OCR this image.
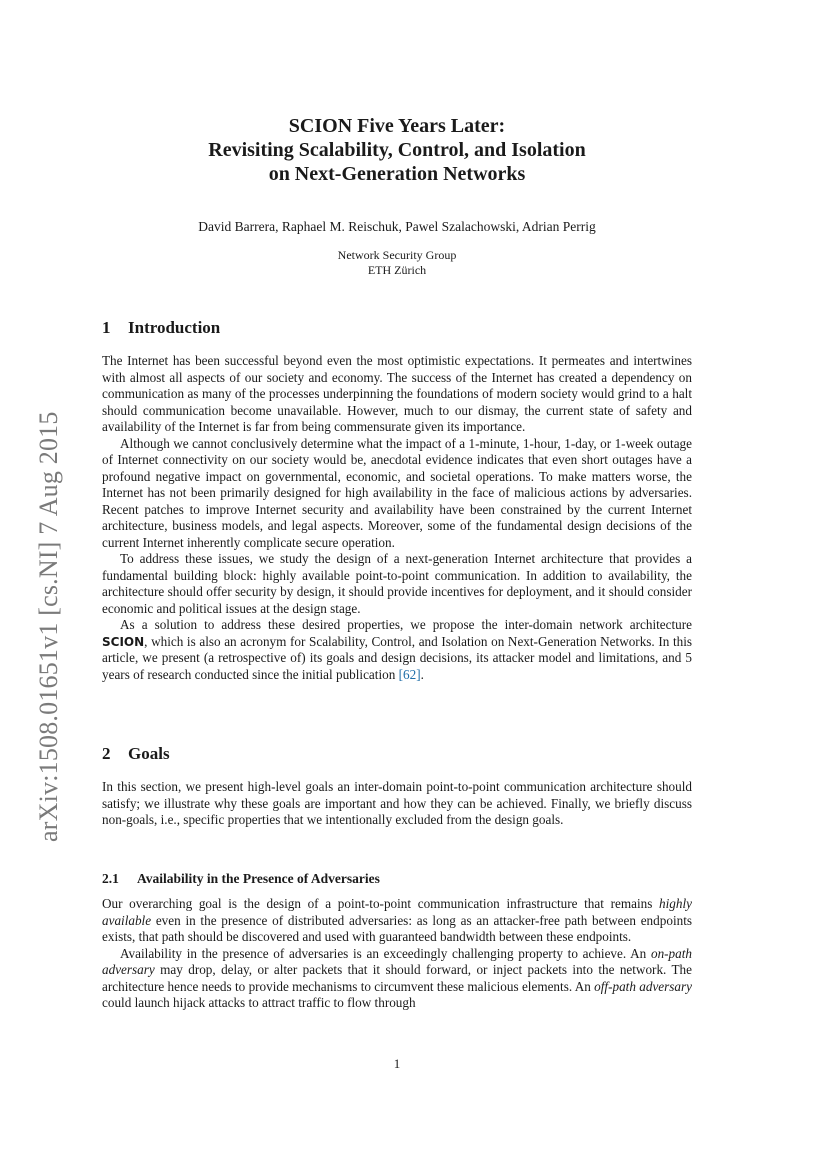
arXiv:1508.01651v1 [cs.NI] 7 Aug 2015

SCION Five Years Later:

Revisiting Scalability, Control, and Isolation

on Next-Generation Networks

David Barrera, Raphael M. Reischuk, Pawel Szalachowski, Adrian Perrig
Network Security Group
ETH Zürich
1 Introduction

The Internet has been successful beyond even the most optimistic expectations. It permeates and intertwines with almost all aspects of our society and economy. The success of the Internet has created a dependency on communication as many of the processes underpinning the foundations of modern society would grind to a halt should communication become unavailable. However, much to our dismay, the current state of safety and availability of the Internet is far from being commensurate given its importance.

Although we cannot conclusively determine what the impact of a 1-minute, 1-hour, 1-day, or 1-week outage of Internet connectivity on our society would be, anecdotal evidence indicates that even short outages have a profound negative impact on governmental, economic, and societal operations. To make matters worse, the Internet has not been primarily designed for high availability in the face of malicious actions by adversaries. Recent patches to improve Internet security and availability have been constrained by the current Internet architecture, business models, and legal aspects. Moreover, some of the fundamental design decisions of the current Internet inherently complicate secure operation.

To address these issues, we study the design of a next-generation Internet architecture that provides a fundamental building block: highly available point-to-point communication. In addition to availability, the architecture should offer security by design, it should provide incentives for deployment, and it should consider economic and political issues at the design stage.

As a solution to address these desired properties, we propose the inter-domain network architecture SCION, which is also an acronym for Scalability, Control, and Isolation on Next-Generation Networks. In this article, we present (a retrospective of) its goals and design decisions, its attacker model and limitations, and 5 years of research conducted since the initial publication [62].

2 Goals

In this section, we present high-level goals an inter-domain point-to-point communication architecture should satisfy; we illustrate why these goals are important and how they can be achieved. Finally, we briefly discuss non-goals, i.e., specific properties that we intentionally excluded from the design goals.

2.1 Availability in the Presence of Adversaries

Our overarching goal is the design of a point-to-point communication infrastructure that remains highly available even in the presence of distributed adversaries: as long as an attacker-free path between endpoints exists, that path should be discovered and used with guaranteed bandwidth between these endpoints.

Availability in the presence of adversaries is an exceedingly challenging property to achieve. An on-path adversary may drop, delay, or alter packets that it should forward, or inject packets into the network. The architecture hence needs to provide mechanisms to circumvent these malicious elements. An off-path adversary could launch hijack attacks to attract traffic to flow through

1
